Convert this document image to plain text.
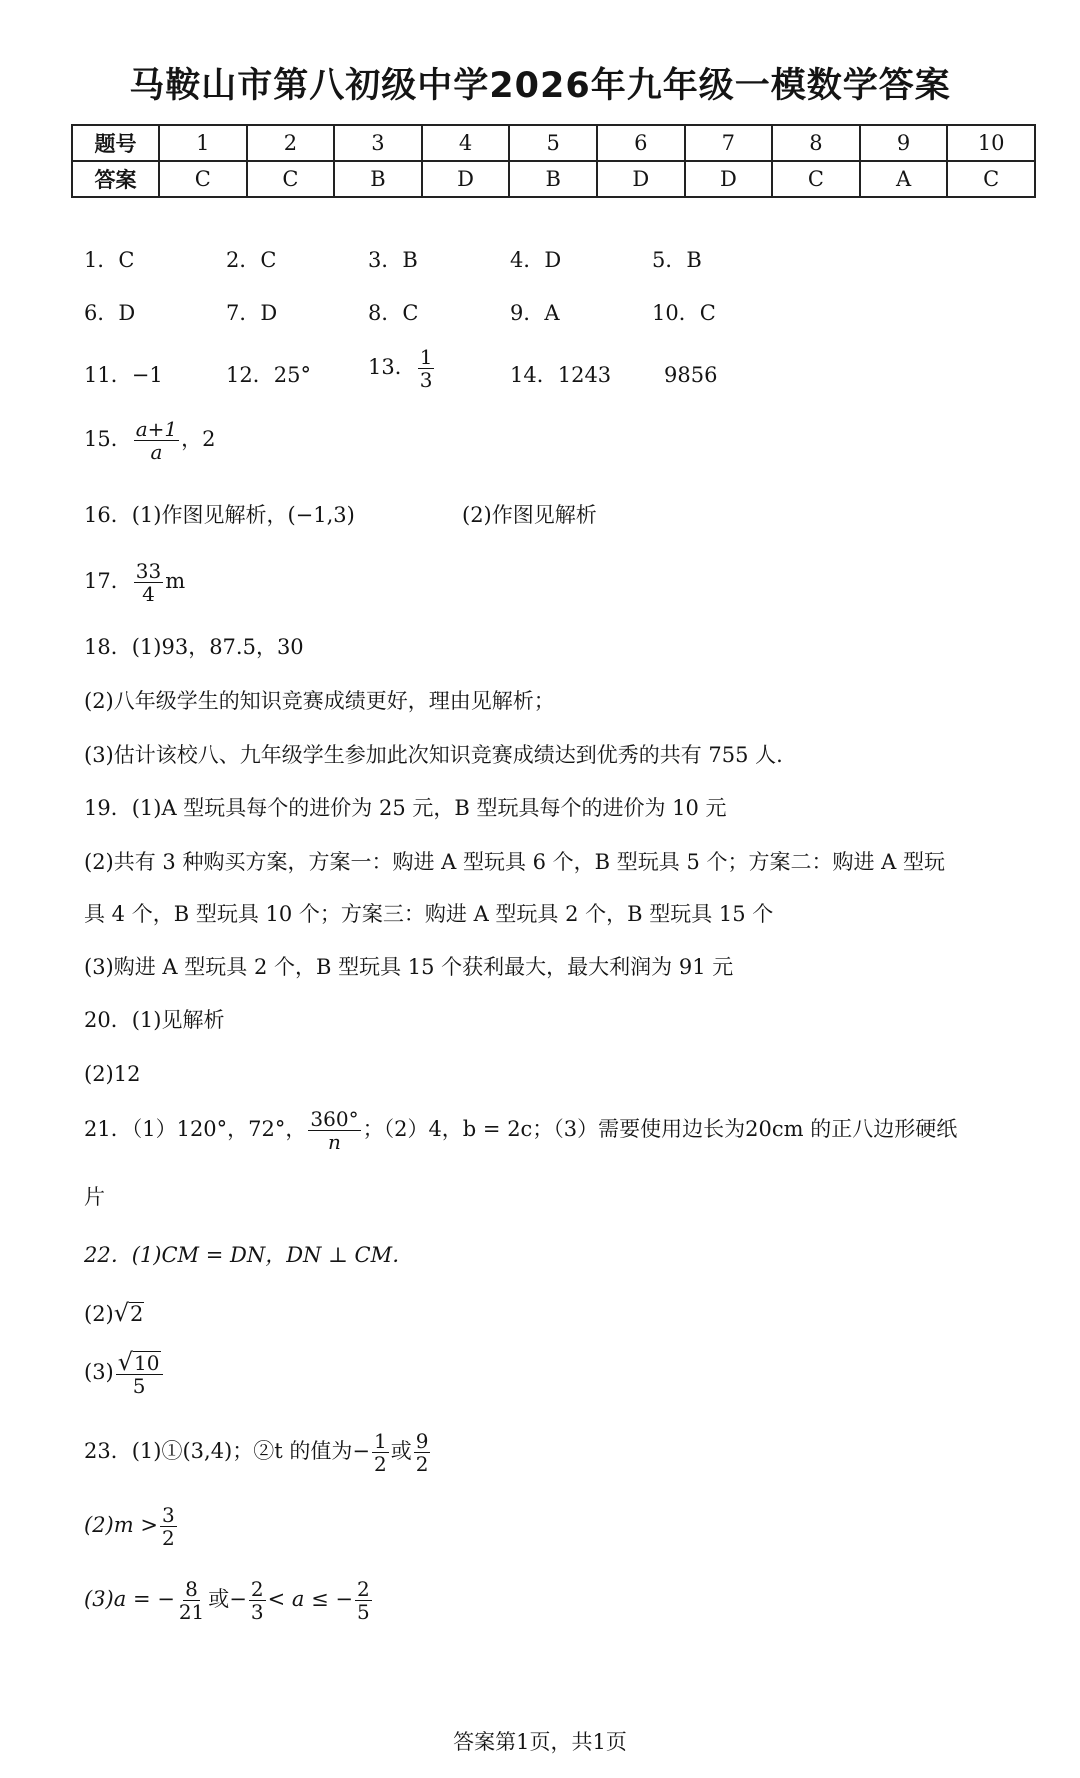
马鞍山市第八初级中学2026年九年级一模数学答案
题号	1	2	3	4	5	6	7	8	9	10
答案	C	C	B	D	B	D	D	C	A	C
1．C	2．C	3．B	4．D	5．B
6．D	7．D	8．C	9．A	10．C
11．−1	12．25°	13． $\frac{1}{3}$	14．1243	9856
15． $\frac{a+1}{a}$ ，2
16．(1)作图见解析，(−1,3)	(2)作图见解析
17． $\frac{33}{4}$ m
18．(1)93，87.5，30
(2)八年级学生的知识竞赛成绩更好，理由见解析；
(3)估计该校八、九年级学生参加此次知识竞赛成绩达到优秀的共有 755 人.
19．(1)A 型玩具每个的进价为 25 元，B 型玩具每个的进价为 10 元
(2)共有 3 种购买方案，方案一：购进 A 型玩具 6 个，B 型玩具 5 个；方案二：购进 A 型玩
具 4 个，B 型玩具 10 个；方案三：购进 A 型玩具 2 个，B 型玩具 15 个
(3)购进 A 型玩具 2 个，B 型玩具 15 个获利最大，最大利润为 91 元
20．(1)见解析
(2)12
21．（1）120°，72°， $\frac{360^\circ}{n}$ ；（2）4，b = 2c；（3）需要使用边长为20cm 的正八边形硬纸
片
22．(1)CM = DN，DN ⊥ CM．
(2) √ 2
$(3) \frac{√ 10}{5}$
23．(1)①(3,4)；②t 的值为− $\frac{1}{2}$ 或 $\frac{9}{2}$
$(2)m > \frac{3}{2}$
(3)a = − $\frac{8}{21}$ 或− $\frac{2}{3} < a$ ≤ − $\frac{2}{5}$
答案第1页，共1页
